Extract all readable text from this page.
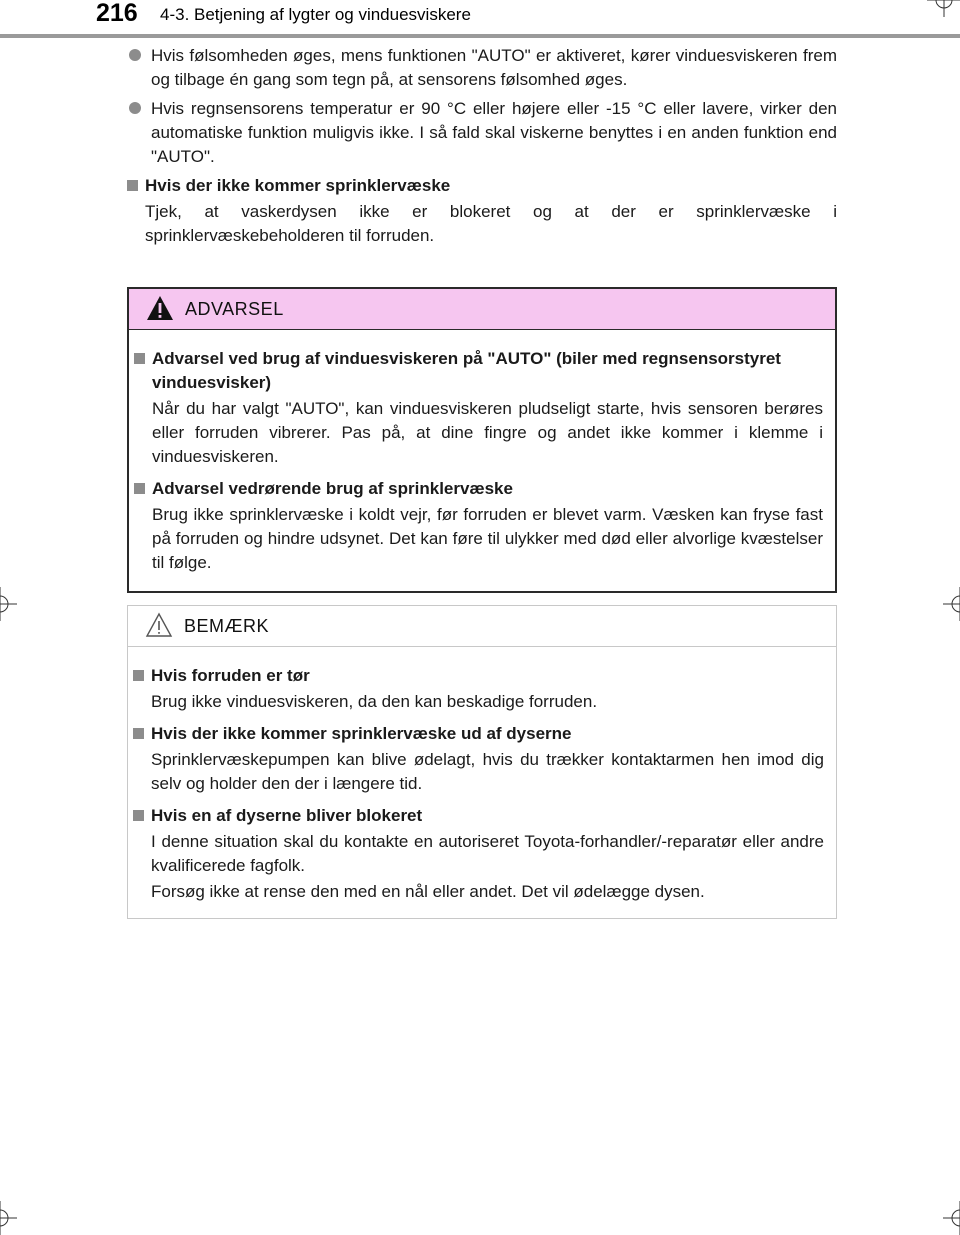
216 4-3. Betjening af lygter og vinduesviskere
Hvis følsomheden øges, mens funktionen "AUTO" er aktiveret, kører vinduesviskeren frem og tilbage én gang som tegn på, at sensorens følsomhed øges.
Hvis regnsensorens temperatur er 90 °C eller højere eller -15 °C eller lavere, virker den automatiske funktion muligvis ikke. I så fald skal viskerne benyttes i en anden funktion end "AUTO".
Hvis der ikke kommer sprinklervæske
Tjek, at vaskerdysen ikke er blokeret og at der er sprinklervæske i sprinklervæskebeholderen til forruden.
ADVARSEL
Advarsel ved brug af vinduesviskeren på "AUTO" (biler med regnsensorstyret vinduesvisker)
Når du har valgt "AUTO", kan vinduesviskeren pludseligt starte, hvis sensoren berøres eller forruden vibrerer. Pas på, at dine fingre og andet ikke kommer i klemme i vinduesviskeren.
Advarsel vedrørende brug af sprinklervæske
Brug ikke sprinklervæske i koldt vejr, før forruden er blevet varm. Væsken kan fryse fast på forruden og hindre udsynet. Det kan føre til ulykker med død eller alvorlige kvæstelser til følge.
BEMÆRK
Hvis forruden er tør
Brug ikke vinduesviskeren, da den kan beskadige forruden.
Hvis der ikke kommer sprinklervæske ud af dyserne
Sprinklervæskepumpen kan blive ødelagt, hvis du trækker kontaktarmen hen imod dig selv og holder den der i længere tid.
Hvis en af dyserne bliver blokeret
I denne situation skal du kontakte en autoriseret Toyota-forhandler/-reparatør eller andre kvalificerede fagfolk.
Forsøg ikke at rense den med en nål eller andet. Det vil ødelægge dysen.
